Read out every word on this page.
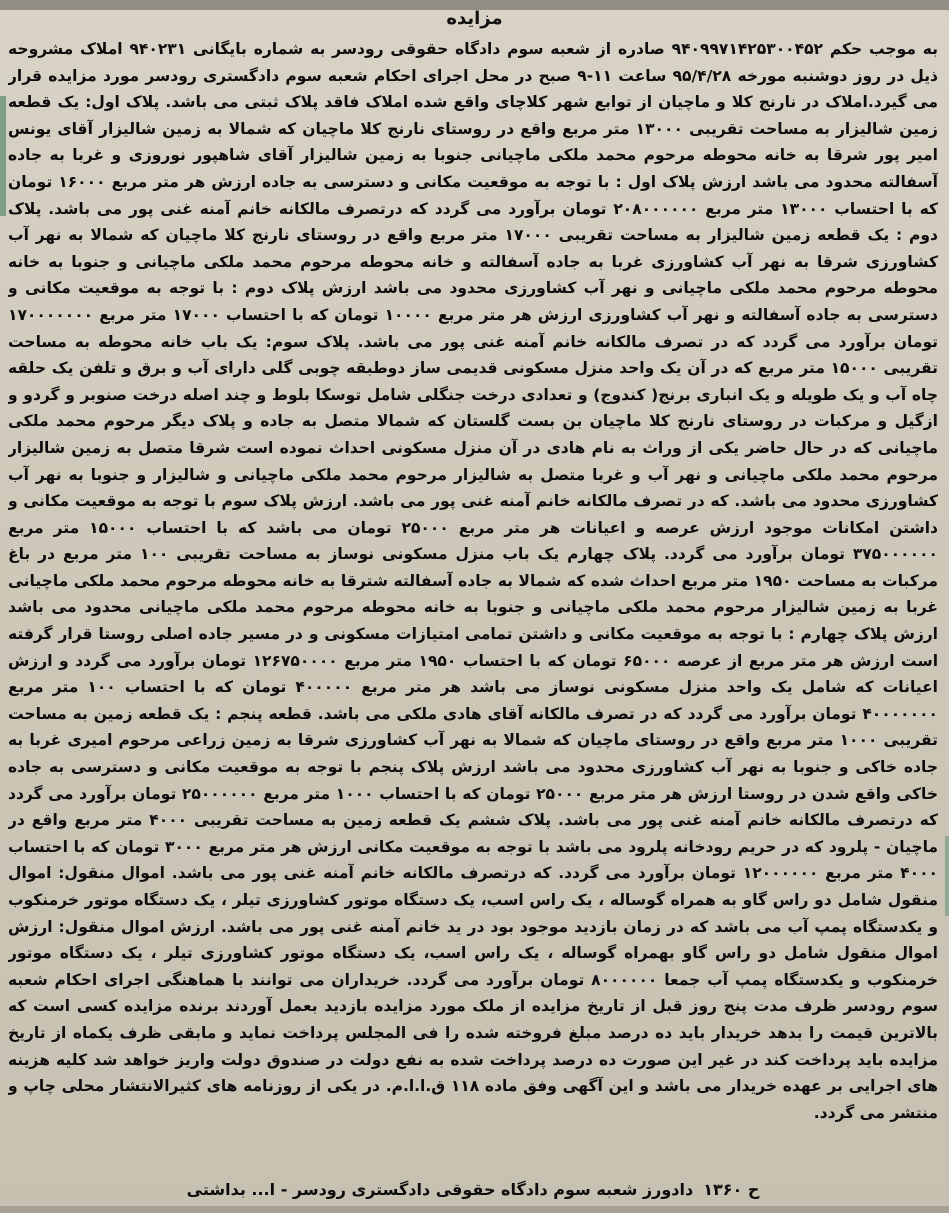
مزایده
به موجب حکم ۹۴۰۹۹۷۱۴۲۵۳۰۰۴۵۲ صادره از شعبه سوم دادگاه حقوقی رودسر به شماره بایگانی ۹۴۰۲۳۱ املاک مشروحه ذیل در روز دوشنبه مورخه ۹۵/۴/۲۸ ساعت ۱۱-۹ صبح در محل اجرای احکام شعبه سوم دادگستری رودسر مورد مزایده قرار می گیرد.املاک در نارنج کلا و ماچیان از توابع شهر کلاچای واقع شده املاک فاقد پلاک ثبتی می باشد. پلاک اول: یک قطعه زمین شالیزار به مساحت تقریبی ۱۳۰۰۰ متر مربع واقع در روستای نارنج کلا ماچیان که شمالا به زمین شالیزار آقای یونس امیر پور شرقا به خانه محوطه مرحوم محمد ملکی ماچیانی جنوبا به زمین شالیزار آقای شاهپور نوروزی و غربا به جاده آسفالته محدود می باشد ارزش پلاک اول : با توجه به موقعیت مکانی و دسترسی به جاده ارزش هر متر مربع ۱۶۰۰۰ تومان که با احتساب ۱۳۰۰۰ متر مربع ۲۰۸۰۰۰۰۰۰ تومان برآورد می گردد که درتصرف مالکانه خانم آمنه غنی پور می باشد. پلاک دوم : یک قطعه زمین شالیزار به مساحت تقریبی ۱۷۰۰۰ متر مربع واقع در روستای نارنج کلا ماچیان که شمالا به نهر آب کشاورزی شرقا به نهر آب کشاورزی غربا به جاده آسفالته و خانه محوطه مرحوم محمد ملکی ماچیانی و جنوبا به خانه محوطه مرحوم محمد ملکی ماچیانی و نهر آب کشاورزی محدود می باشد ارزش پلاک دوم : با توجه به موقعیت مکانی و دسترسی به جاده آسفالته و نهر آب کشاورزی ارزش هر متر مربع ۱۰۰۰۰ تومان که با احتساب ۱۷۰۰۰ متر مربع ۱۷۰۰۰۰۰۰۰ تومان برآورد می گردد که در تصرف مالکانه خانم آمنه غنی پور می باشد. پلاک سوم: یک باب خانه محوطه به مساحت تقریبی ۱۵۰۰۰ متر مربع که در آن یک واحد منزل مسکونی قدیمی ساز دوطبقه چوبی گلی دارای آب و برق و تلفن یک حلقه چاه آب و یک طویله و یک انباری برنج( کندوج) و تعدادی درخت جنگلی شامل توسکا بلوط و چند اصله درخت صنوبر و گردو و ازگیل و مرکبات در روستای نارنج کلا ماچیان بن بست گلستان که شمالا متصل به جاده و پلاک دیگر مرحوم محمد ملکی ماچیانی که در حال حاضر یکی از وراث به نام هادی در آن منزل مسکونی احداث نموده است شرقا متصل به زمین شالیزار مرحوم محمد ملکی ماچیانی و نهر آب و غربا متصل به شالیزار مرحوم محمد ملکی ماچیانی و شالیزار و جنوبا به نهر آب کشاورزی محدود می باشد. که در تصرف مالکانه خانم آمنه غنی پور می باشد. ارزش پلاک سوم با توجه به موقعیت مکانی و داشتن امکانات موجود ارزش عرصه و اعیانات هر متر مربع ۲۵۰۰۰ تومان می باشد که با احتساب ۱۵۰۰۰ متر مربع ۳۷۵۰۰۰۰۰۰ تومان برآورد می گردد. پلاک چهارم یک باب منزل مسکونی نوساز به مساحت تقریبی ۱۰۰ متر مربع در باغ مرکبات به مساحت ۱۹۵۰ متر مربع احداث شده که شمالا به جاده آسفالته شترقا به خانه محوطه مرحوم محمد ملکی ماچیانی غربا به زمین شالیزار مرحوم محمد ملکی ماچیانی و جنوبا به خانه محوطه مرحوم محمد ملکی ماچیانی محدود می باشد ارزش پلاک چهارم : با توجه به موقعیت مکانی و داشتن تمامی امتیازات مسکونی و در مسیر جاده اصلی روستا قرار گرفته است ارزش هر متر مربع از عرصه ۶۵۰۰۰ تومان که با احتساب ۱۹۵۰ متر مربع ۱۲۶۷۵۰۰۰۰ تومان برآورد می گردد و ارزش اعیانات که شامل یک واحد منزل مسکونی نوساز می باشد هر متر مربع ۴۰۰۰۰۰ تومان که با احتساب ۱۰۰ متر مربع ۴۰۰۰۰۰۰۰ تومان برآورد می گردد که در تصرف مالکانه آقای هادی ملکی می باشد. قطعه پنجم : یک قطعه زمین به مساحت تقریبی ۱۰۰۰ متر مربع واقع در روستای ماچیان که شمالا به نهر آب کشاورزی شرقا به زمین زراعی مرحوم امیری غربا به جاده خاکی و جنوبا به نهر آب کشاورزی محدود می باشد ارزش پلاک پنجم با توجه به موقعیت مکانی و دسترسی به جاده خاکی واقع شدن در روستا ارزش هر متر مربع ۲۵۰۰۰ تومان که با احتساب ۱۰۰۰ متر مربع ۲۵۰۰۰۰۰۰ تومان برآورد می گردد که درتصرف مالکانه خانم آمنه غنی پور می باشد. پلاک ششم یک قطعه زمین به مساحت تقریبی ۴۰۰۰ متر مربع واقع در ماچیان - پلرود که در حریم رودخانه پلرود می باشد با توجه به موقعیت مکانی ارزش هر متر مربع ۳۰۰۰ تومان که با احتساب ۴۰۰۰ متر مربع ۱۲۰۰۰۰۰۰ تومان برآورد می گردد. که درتصرف مالکانه خانم آمنه غنی پور می باشد. اموال منقول: اموال منقول شامل دو راس گاو به همراه گوساله ، یک راس اسب، یک دستگاه موتور کشاورزی تیلر ، یک دستگاه موتور خرمنکوب و یکدستگاه پمپ آب می باشد که در زمان بازدید موجود بود در ید خانم آمنه غنی پور می باشد. ارزش اموال منقول: ارزش اموال منقول شامل دو راس گاو بهمراه گوساله ، یک راس اسب، یک دستگاه موتور کشاورزی تیلر ، یک دستگاه موتور خرمنکوب و یکدستگاه پمپ آب جمعا ۸۰۰۰۰۰۰ تومان برآورد می گردد. خریداران می توانند با هماهنگی اجرای احکام شعبه سوم رودسر ظرف مدت پنج روز قبل از تاریخ مزایده از ملک مورد مزایده بازدید بعمل آوردند برنده مزایده کسی است که بالاترین قیمت را بدهد خریدار باید ده درصد مبلغ فروخته شده را فی المجلس پرداخت نماید و مابقی ظرف یکماه از تاریخ مزایده باید پرداخت کند در غیر این صورت ده درصد پرداخت شده به نفع دولت در صندوق دولت واریز خواهد شد کلیه هزینه های اجرایی بر عهده خریدار می باشد و این آگهی وفق ماده ۱۱۸ ق.ا.ا.م. در یکی از روزنامه های کثیرالانتشار محلی چاپ و منتشر می گردد.
ح ۱۳۶۰دادورز شعبه سوم دادگاه حقوقی دادگستری رودسر - ا... بداشتی
